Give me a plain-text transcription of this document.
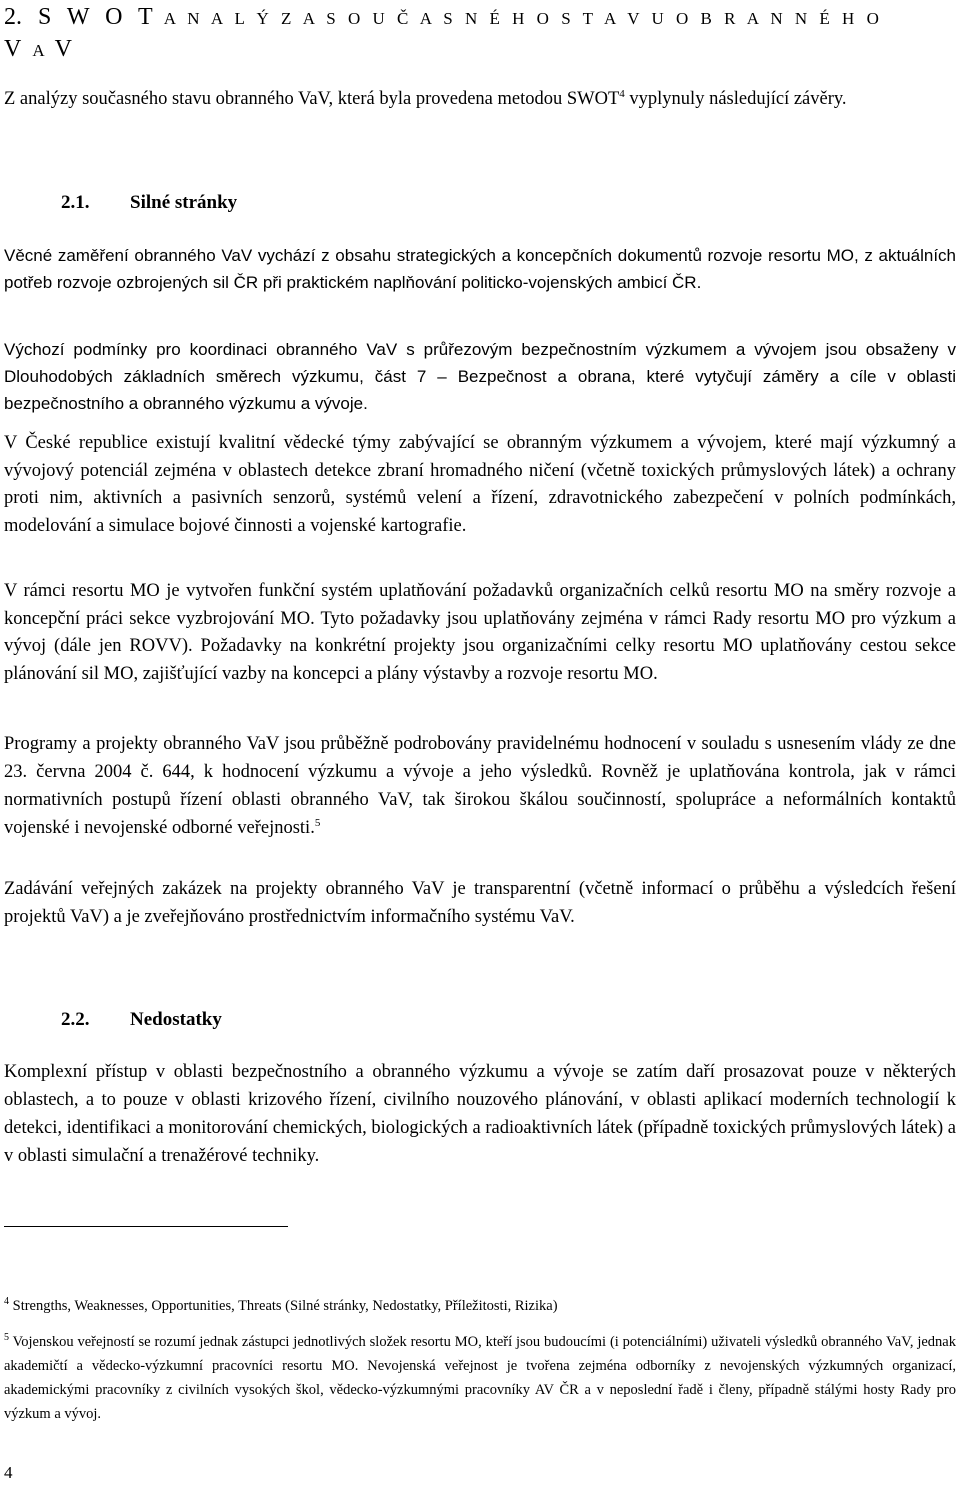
2. S W O T A N A L Ý Z A S O U Č A S N É H O S T A V U O B R A N N É H O
V A V
Z analýzy současného stavu obranného VaV, která byla provedena metodou SWOT$^4$ vyplynuly následující závěry.
2.1. Silné stránky
Věcné zaměření obranného VaV vychází z obsahu strategických a koncepčních dokumentů rozvoje resortu MO, z aktuálních potřeb rozvoje ozbrojených sil ČR při praktickém naplňování politicko-vojenských ambicí ČR.
Výchozí podmínky pro koordinaci obranného VaV s průřezovým bezpečnostním výzkumem a vývojem jsou obsaženy v Dlouhodobých základních směrech výzkumu, část 7 – Bezpečnost a obrana, které vytyčují záměry a cíle v oblasti bezpečnostního a obranného výzkumu a vývoje.
V České republice existují kvalitní vědecké týmy zabývající se obranným výzkumem a vývojem, které mají výzkumný a vývojový potenciál zejména v oblastech detekce zbraní hromadného ničení (včetně toxických průmyslových látek) a ochrany proti nim, aktivních a pasivních senzorů, systémů velení a řízení, zdravotnického zabezpečení v polních podmínkách, modelování a simulace bojové činnosti a vojenské kartografie.
V rámci resortu MO je vytvořen funkční systém uplatňování požadavků organizačních celků resortu MO na směry rozvoje a koncepční práci sekce vyzbrojování MO. Tyto požadavky jsou uplatňovány zejména v rámci Rady resortu MO pro výzkum a vývoj (dále jen ROVV). Požadavky na konkrétní projekty jsou organizačními celky resortu MO uplatňovány cestou sekce plánování sil MO, zajišťující vazby na koncepci a plány výstavby a rozvoje resortu MO.
Programy a projekty obranného VaV jsou průběžně podrobovány pravidelnému hodnocení v souladu s usnesením vlády ze dne 23. června 2004 č. 644, k hodnocení výzkumu a vývoje a jeho výsledků. Rovněž je uplatňována kontrola, jak v rámci normativních postupů řízení oblasti obranného VaV, tak širokou škálou součinností, spolupráce a neformálních kontaktů vojenské i nevojenské odborné veřejnosti.$^5$
Zadávání veřejných zakázek na projekty obranného VaV je transparentní (včetně informací o průběhu a výsledcích řešení projektů VaV) a je zveřejňováno prostřednictvím informačního systému VaV.
2.2. Nedostatky
Komplexní přístup v oblasti bezpečnostního a obranného výzkumu a vývoje se zatím daří prosazovat pouze v některých oblastech, a to pouze v oblasti krizového řízení, civilního nouzového plánování, v oblasti aplikací moderních technologií k detekci, identifikaci a monitorování chemických, biologických a radioaktivních látek (případně toxických průmyslových látek) a v oblasti simulační a trenažérové techniky.
$^4$ Strengths, Weaknesses, Opportunities, Threats (Silné stránky, Nedostatky, Příležitosti, Rizika)
$^5$ Vojenskou veřejností se rozumí jednak zástupci jednotlivých složek resortu MO, kteří jsou budoucími (i potenciálními) uživateli výsledků obranného VaV, jednak akademičtí a vědecko-výzkumní pracovníci resortu MO. Nevojenská veřejnost je tvořena zejména odborníky z nevojenských výzkumných organizací, akademickými pracovníky z civilních vysokých škol, vědecko-výzkumnými pracovníky AV ČR a v neposlední řadě i členy, případně stálými hosty Rady pro výzkum a vývoj.
4
